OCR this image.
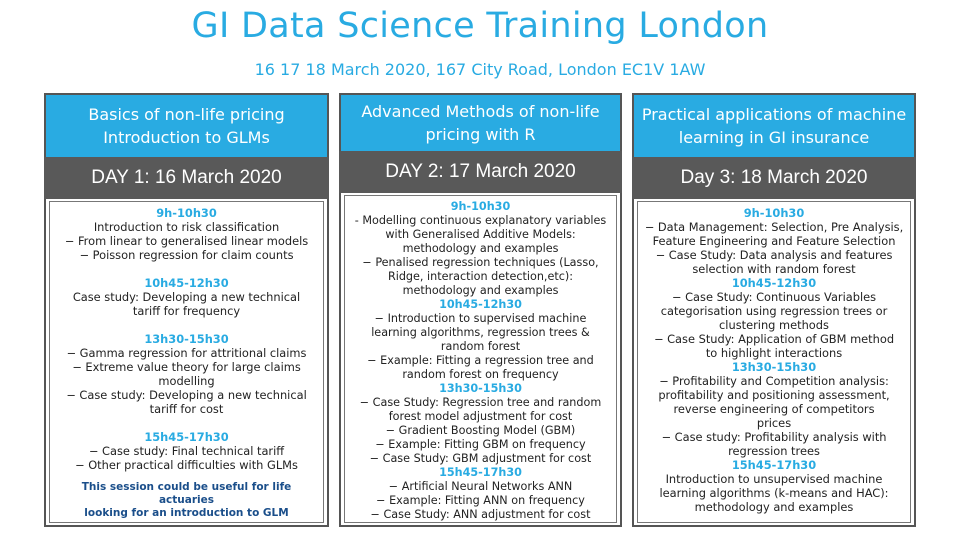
GI Data Science Training London
16 17 18 March 2020, 167 City Road, London EC1V 1AW
Basics of non-life pricing
Introduction to GLMs
DAY 1: 16 March 2020
9h-10h30
Introduction to risk classification
− From linear to generalised linear models
− Poisson regression for claim counts
10h45-12h30
Case study: Developing a new technical
tariff for frequency
13h30-15h30
− Gamma regression for attritional claims
− Extreme value theory for large claims
modelling
− Case study: Developing a new technical
tariff for cost
15h45-17h30
− Case study: Final technical tariff
− Other practical difficulties with GLMs
This session could be useful for life actuaries
looking for an introduction to GLM
Advanced Methods of non-life
pricing with R
DAY 2: 17 March 2020
9h-10h30
- Modelling continuous explanatory variables
with Generalised Additive Models:
methodology and examples
− Penalised regression techniques (Lasso,
Ridge, interaction detection,etc):
methodology and examples
10h45-12h30
− Introduction to supervised machine
learning algorithms, regression trees &
random forest
− Example: Fitting a regression tree and
random forest on frequency
13h30-15h30
− Case Study: Regression tree and random
forest model adjustment for cost
− Gradient Boosting Model (GBM)
− Example: Fitting GBM on frequency
− Case Study: GBM adjustment for cost
15h45-17h30
− Artificial Neural Networks ANN
− Example: Fitting ANN on frequency
− Case Study: ANN adjustment for cost
Practical applications of machine
learning in GI insurance
Day 3: 18 March 2020
9h-10h30
− Data Management: Selection, Pre Analysis,
Feature Engineering and Feature Selection
− Case Study: Data analysis and features
selection with random forest
10h45-12h30
− Case Study: Continuous Variables
categorisation using regression trees or
clustering methods
− Case Study: Application of GBM method
to highlight interactions
13h30-15h30
− Profitability and Competition analysis:
profitability and positioning assessment,
reverse engineering of competitors
prices
− Case study: Profitability analysis with
regression trees
15h45-17h30
Introduction to unsupervised machine
learning algorithms (k-means and HAC):
methodology and examples
